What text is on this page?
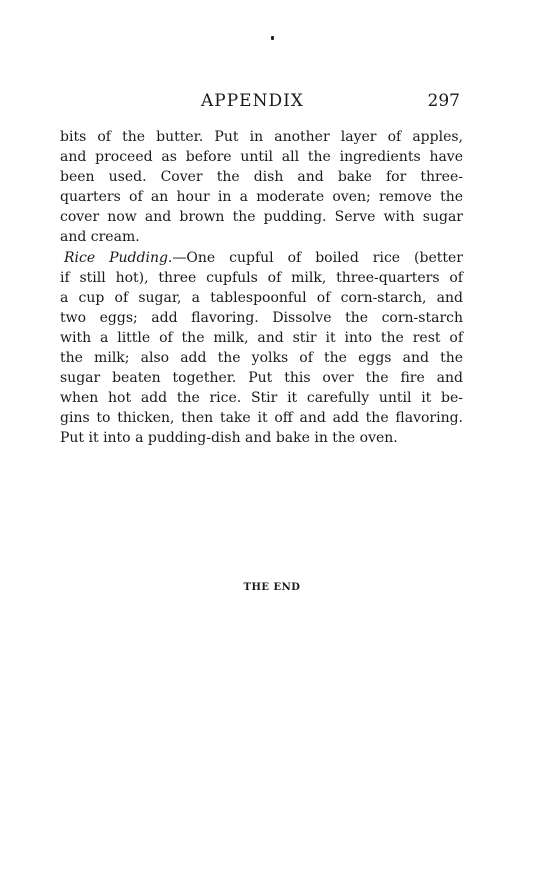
APPENDIX	297
bits of the butter. Put in another layer of apples,
and proceed as before until all the ingredients have
been used. Cover the dish and bake for three-
quarters of an hour in a moderate oven; remove the
cover now and brown the pudding. Serve with sugar
and cream.
Rice Pudding.—One cupful of boiled rice (better
if still hot), three cupfuls of milk, three-quarters of
a cup of sugar, a tablespoonful of corn-starch, and
two eggs; add flavoring. Dissolve the corn-starch
with a little of the milk, and stir it into the rest of
the milk; also add the yolks of the eggs and the
sugar beaten together. Put this over the fire and
when hot add the rice. Stir it carefully until it be-
gins to thicken, then take it off and add the flavoring.
Put it into a pudding-dish and bake in the oven.
THE END
